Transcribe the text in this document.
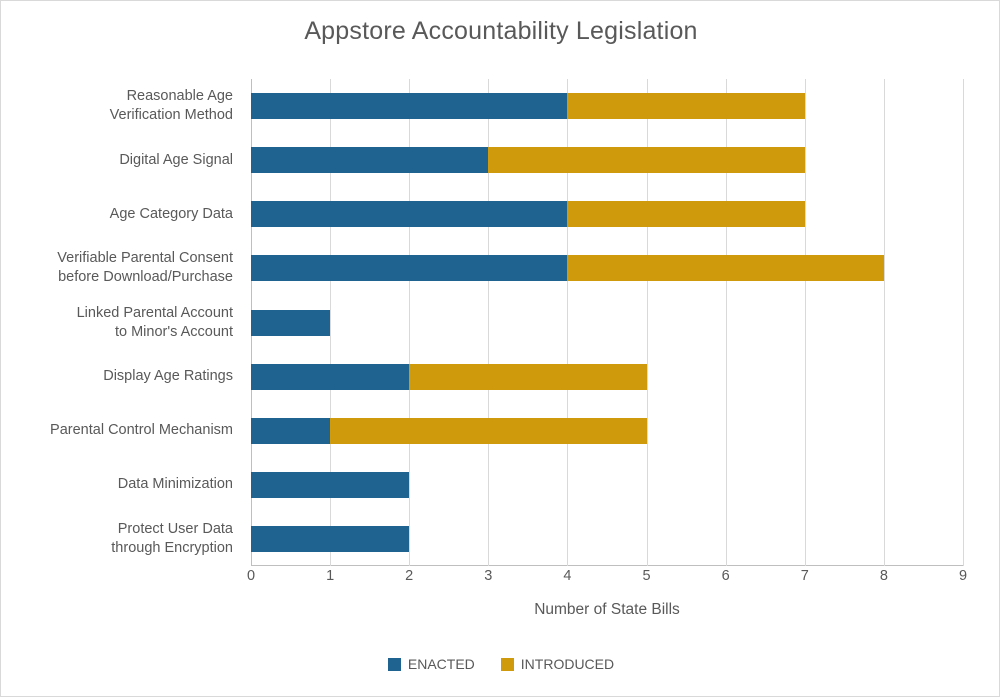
Appstore Accountability Legislation
Reasonable Age
Verification Method
Digital Age Signal
Age Category Data
Verifiable Parental Consent
before Download/Purchase
Linked Parental Account
to Minor's Account
Display Age Ratings
Parental Control Mechanism
Data Minimization
Protect User Data
through Encryption
0	1	2	3	4	5	6	7	8	9
Number of State Bills
ENACTED	INTRODUCED
